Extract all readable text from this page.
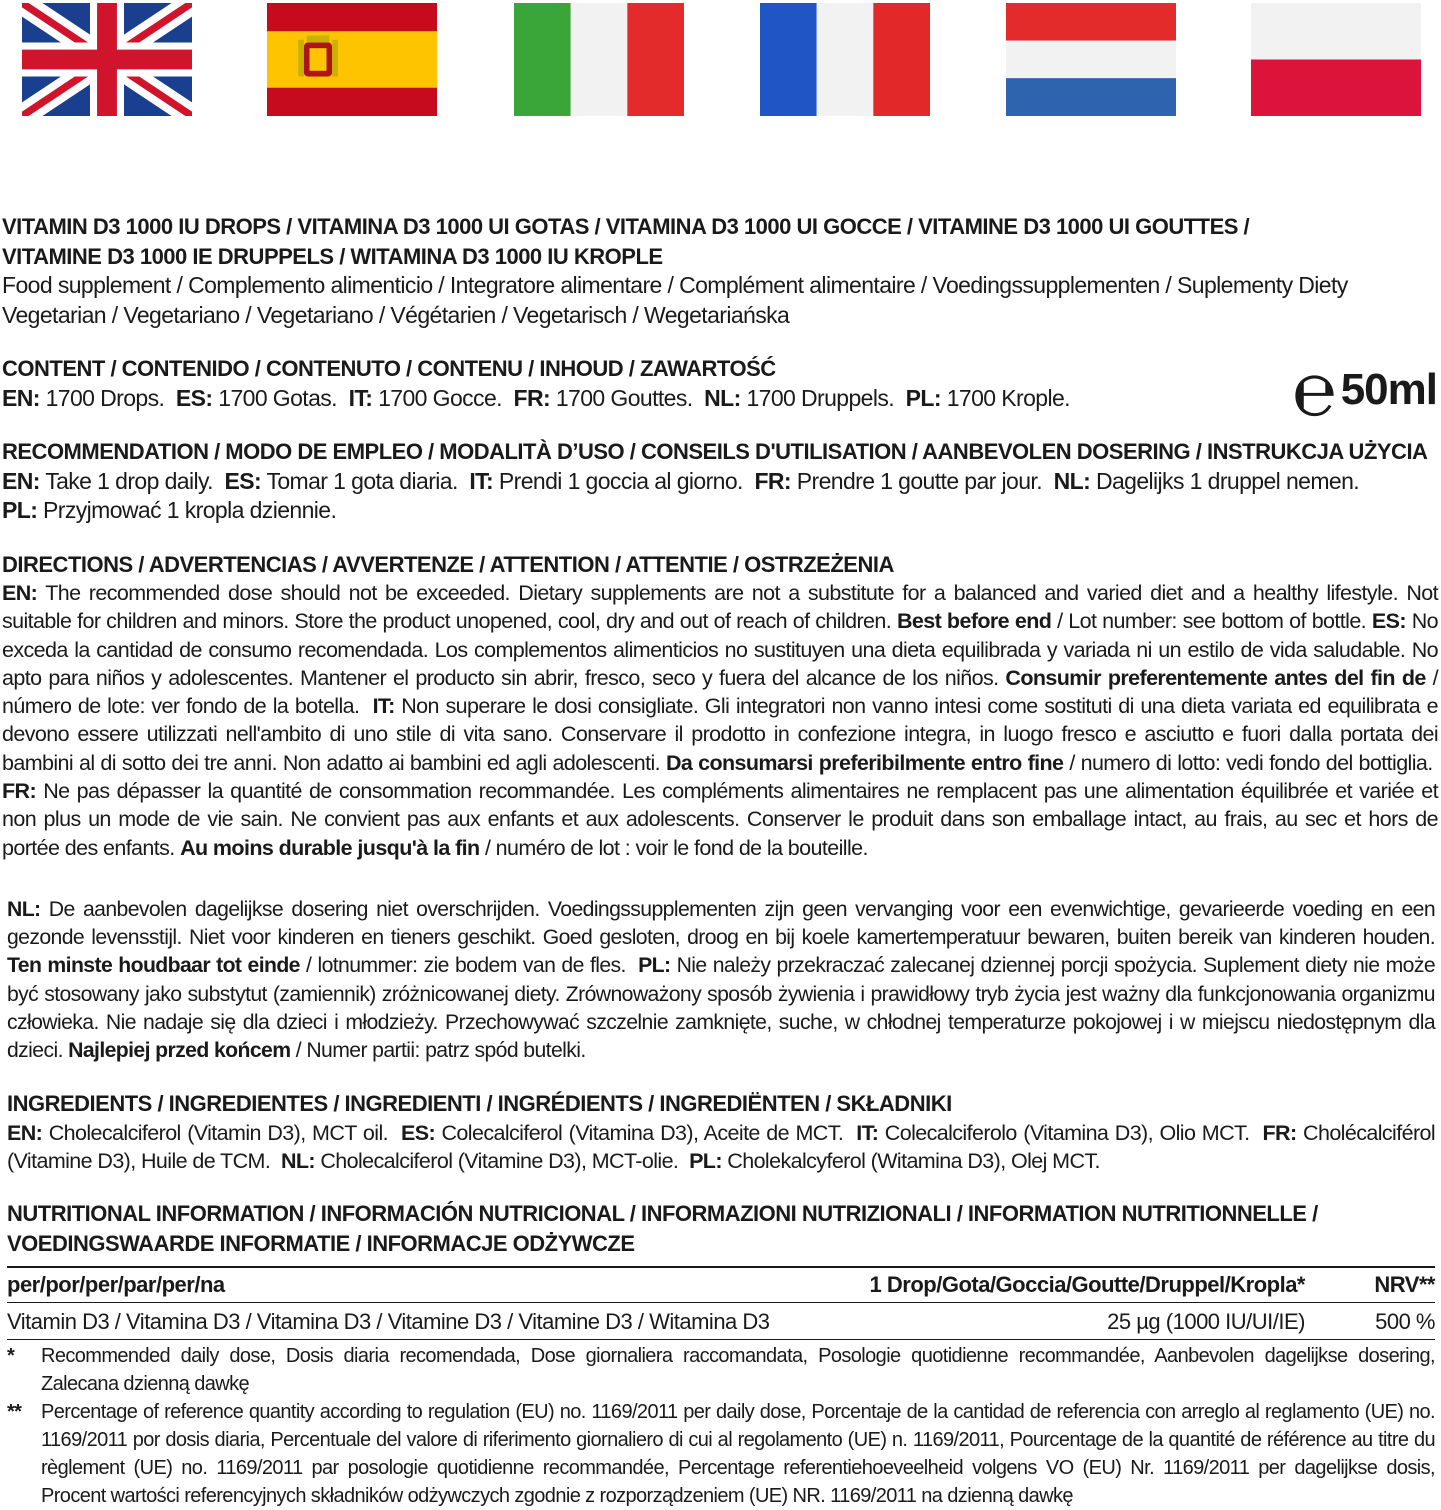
℮ 50ml
VITAMIN D3 1000 IU DROPS / VITAMINA D3 1000 UI GOTAS / VITAMINA D3 1000 UI GOCCE / VITAMINE D3 1000 UI GOUTTES /
VITAMINE D3 1000 IE DRUPPELS / WITAMINA D3 1000 IU KROPLE
Food supplement / Complemento alimenticio / Integratore alimentare / Complément alimentaire / Voedingssupplementen / Suplementy Diety
Vegetarian / Vegetariano / Vegetariano / Végétarien / Vegetarisch / Wegetariańska
CONTENT / CONTENIDO / CONTENUTO / CONTENU / INHOUD / ZAWARTOŚĆ
EN: 1700 Drops. ES: 1700 Gotas. IT: 1700 Gocce. FR: 1700 Gouttes. NL: 1700 Druppels. PL: 1700 Krople.
RECOMMENDATION / MODO DE EMPLEO / MODALITÀ D’USO / CONSEILS D'UTILISATION / AANBEVOLEN DOSERING / INSTRUKCJA UŻYCIA
EN: Take 1 drop daily. ES: Tomar 1 gota diaria. IT: Prendi 1 goccia al giorno. FR: Prendre 1 goutte par jour. NL: Dagelijks 1 druppel nemen.
PL: Przyjmować 1 kropla dziennie.
DIRECTIONS / ADVERTENCIAS / AVVERTENZE / ATTENTION / ATTENTIE / OSTRZEŻENIA
EN: The recommended dose should not be exceeded. Dietary supplements are not a substitute for a balanced and varied diet and a healthy lifestyle. Not suitable for children and minors. Store the product unopened, cool, dry and out of reach of children. Best before end / Lot number: see bottom of bottle. ES: No exceda la cantidad de consumo recomendada. Los complementos alimenticios no sustituyen una dieta equilibrada y variada ni un estilo de vida saludable. No apto para niños y adolescentes. Mantener el producto sin abrir, fresco, seco y fuera del alcance de los niños. Consumir preferentemente antes del fin de / número de lote: ver fondo de la botella. IT: Non superare le dosi consigliate. Gli integratori non vanno intesi come sostituti di una dieta variata ed equilibrata e devono essere utilizzati nell'ambito di uno stile di vita sano. Conservare il prodotto in confezione integra, in luogo fresco e asciutto e fuori dalla portata dei bambini al di sotto dei tre anni. Non adatto ai bambini ed agli adolescenti. Da consumarsi preferibilmente entro fine / numero di lotto: vedi fondo del bottiglia.  FR: Ne pas dépasser la quantité de consommation recommandée. Les compléments alimentaires ne remplacent pas une alimentation équilibrée et variée et non plus un mode de vie sain. Ne convient pas aux enfants et aux adolescents. Conserver le produit dans son emballage intact, au frais, au sec et hors de portée des enfants. Au moins durable jusqu'à la fin / numéro de lot : voir le fond de la bouteille.
NL: De aanbevolen dagelijkse dosering niet overschrijden. Voedingssupplementen zijn geen vervanging voor een evenwichtige, gevarieerde voeding en een gezonde levensstijl. Niet voor kinderen en tieners geschikt. Goed gesloten, droog en bij koele kamertemperatuur bewaren, buiten bereik van kinderen houden. Ten minste houdbaar tot einde / lotnummer: zie bodem van de fles. PL: Nie należy przekraczać zalecanej dziennej porcji spożycia. Suplement diety nie może być stosowany jako substytut (zamiennik) zróżnicowanej diety. Zrównoważony sposób żywienia i prawidłowy tryb życia jest ważny dla funkcjonowania organizmu człowieka. Nie nadaje się dla dzieci i młodzieży. Przechowywać szczelnie zamknięte, suche, w chłodnej temperaturze pokojowej i w miejscu niedostępnym dla dzieci. Najlepiej przed końcem / Numer partii: patrz spód butelki.
INGREDIENTS / INGREDIENTES / INGREDIENTI / INGRÉDIENTS / INGREDIËNTEN / SKŁADNIKI
EN: Cholecalciferol (Vitamin D3), MCT oil. ES: Colecalciferol (Vitamina D3), Aceite de MCT. IT: Colecalciferolo (Vitamina D3), Olio MCT. FR: Cholécalciférol (Vitamine D3), Huile de TCM. NL: Cholecalciferol (Vitamine D3), MCT-olie. PL: Cholekalcyferol (Witamina D3), Olej MCT.
NUTRITIONAL INFORMATION / INFORMACIÓN NUTRICIONAL / INFORMAZIONI NUTRIZIONALI / INFORMATION NUTRITIONNELLE /
VOEDINGSWAARDE INFORMATIE / INFORMACJE ODŻYWCZE
per/por/per/par/per/na	1 Drop/Gota/Goccia/Goutte/Druppel/Kropla*	NRV**
Vitamin D3 / Vitamina D3 / Vitamina D3 / Vitamine D3 / Vitamine D3 / Witamina D3	25 µg (1000 IU/UI/IE)	500 %
*	Recommended daily dose, Dosis diaria recomendada, Dose giornaliera raccomandata, Posologie quotidienne recommandée, Aanbevolen dagelijkse dosering, Zalecana dzienną dawkę
** Percentage of reference quantity according to regulation (EU) no. 1169/2011 per daily dose, Porcentaje de la cantidad de referencia con arreglo al reglamento (UE) no. 1169/2011 por dosis diaria, Percentuale del valore di riferimento giornaliero di cui al regolamento (UE) n. 1169/2011, Pourcentage de la quantité de référence au titre du règlement (UE) no. 1169/2011 par posologie quotidienne recommandée, Percentage referentiehoeveelheid volgens VO (EU) Nr. 1169/2011 per dagelijkse dosis, Procent wartości referencyjnych składników odżywczych zgodnie z rozporządzeniem (UE) NR. 1169/2011 na dzienną dawkę
